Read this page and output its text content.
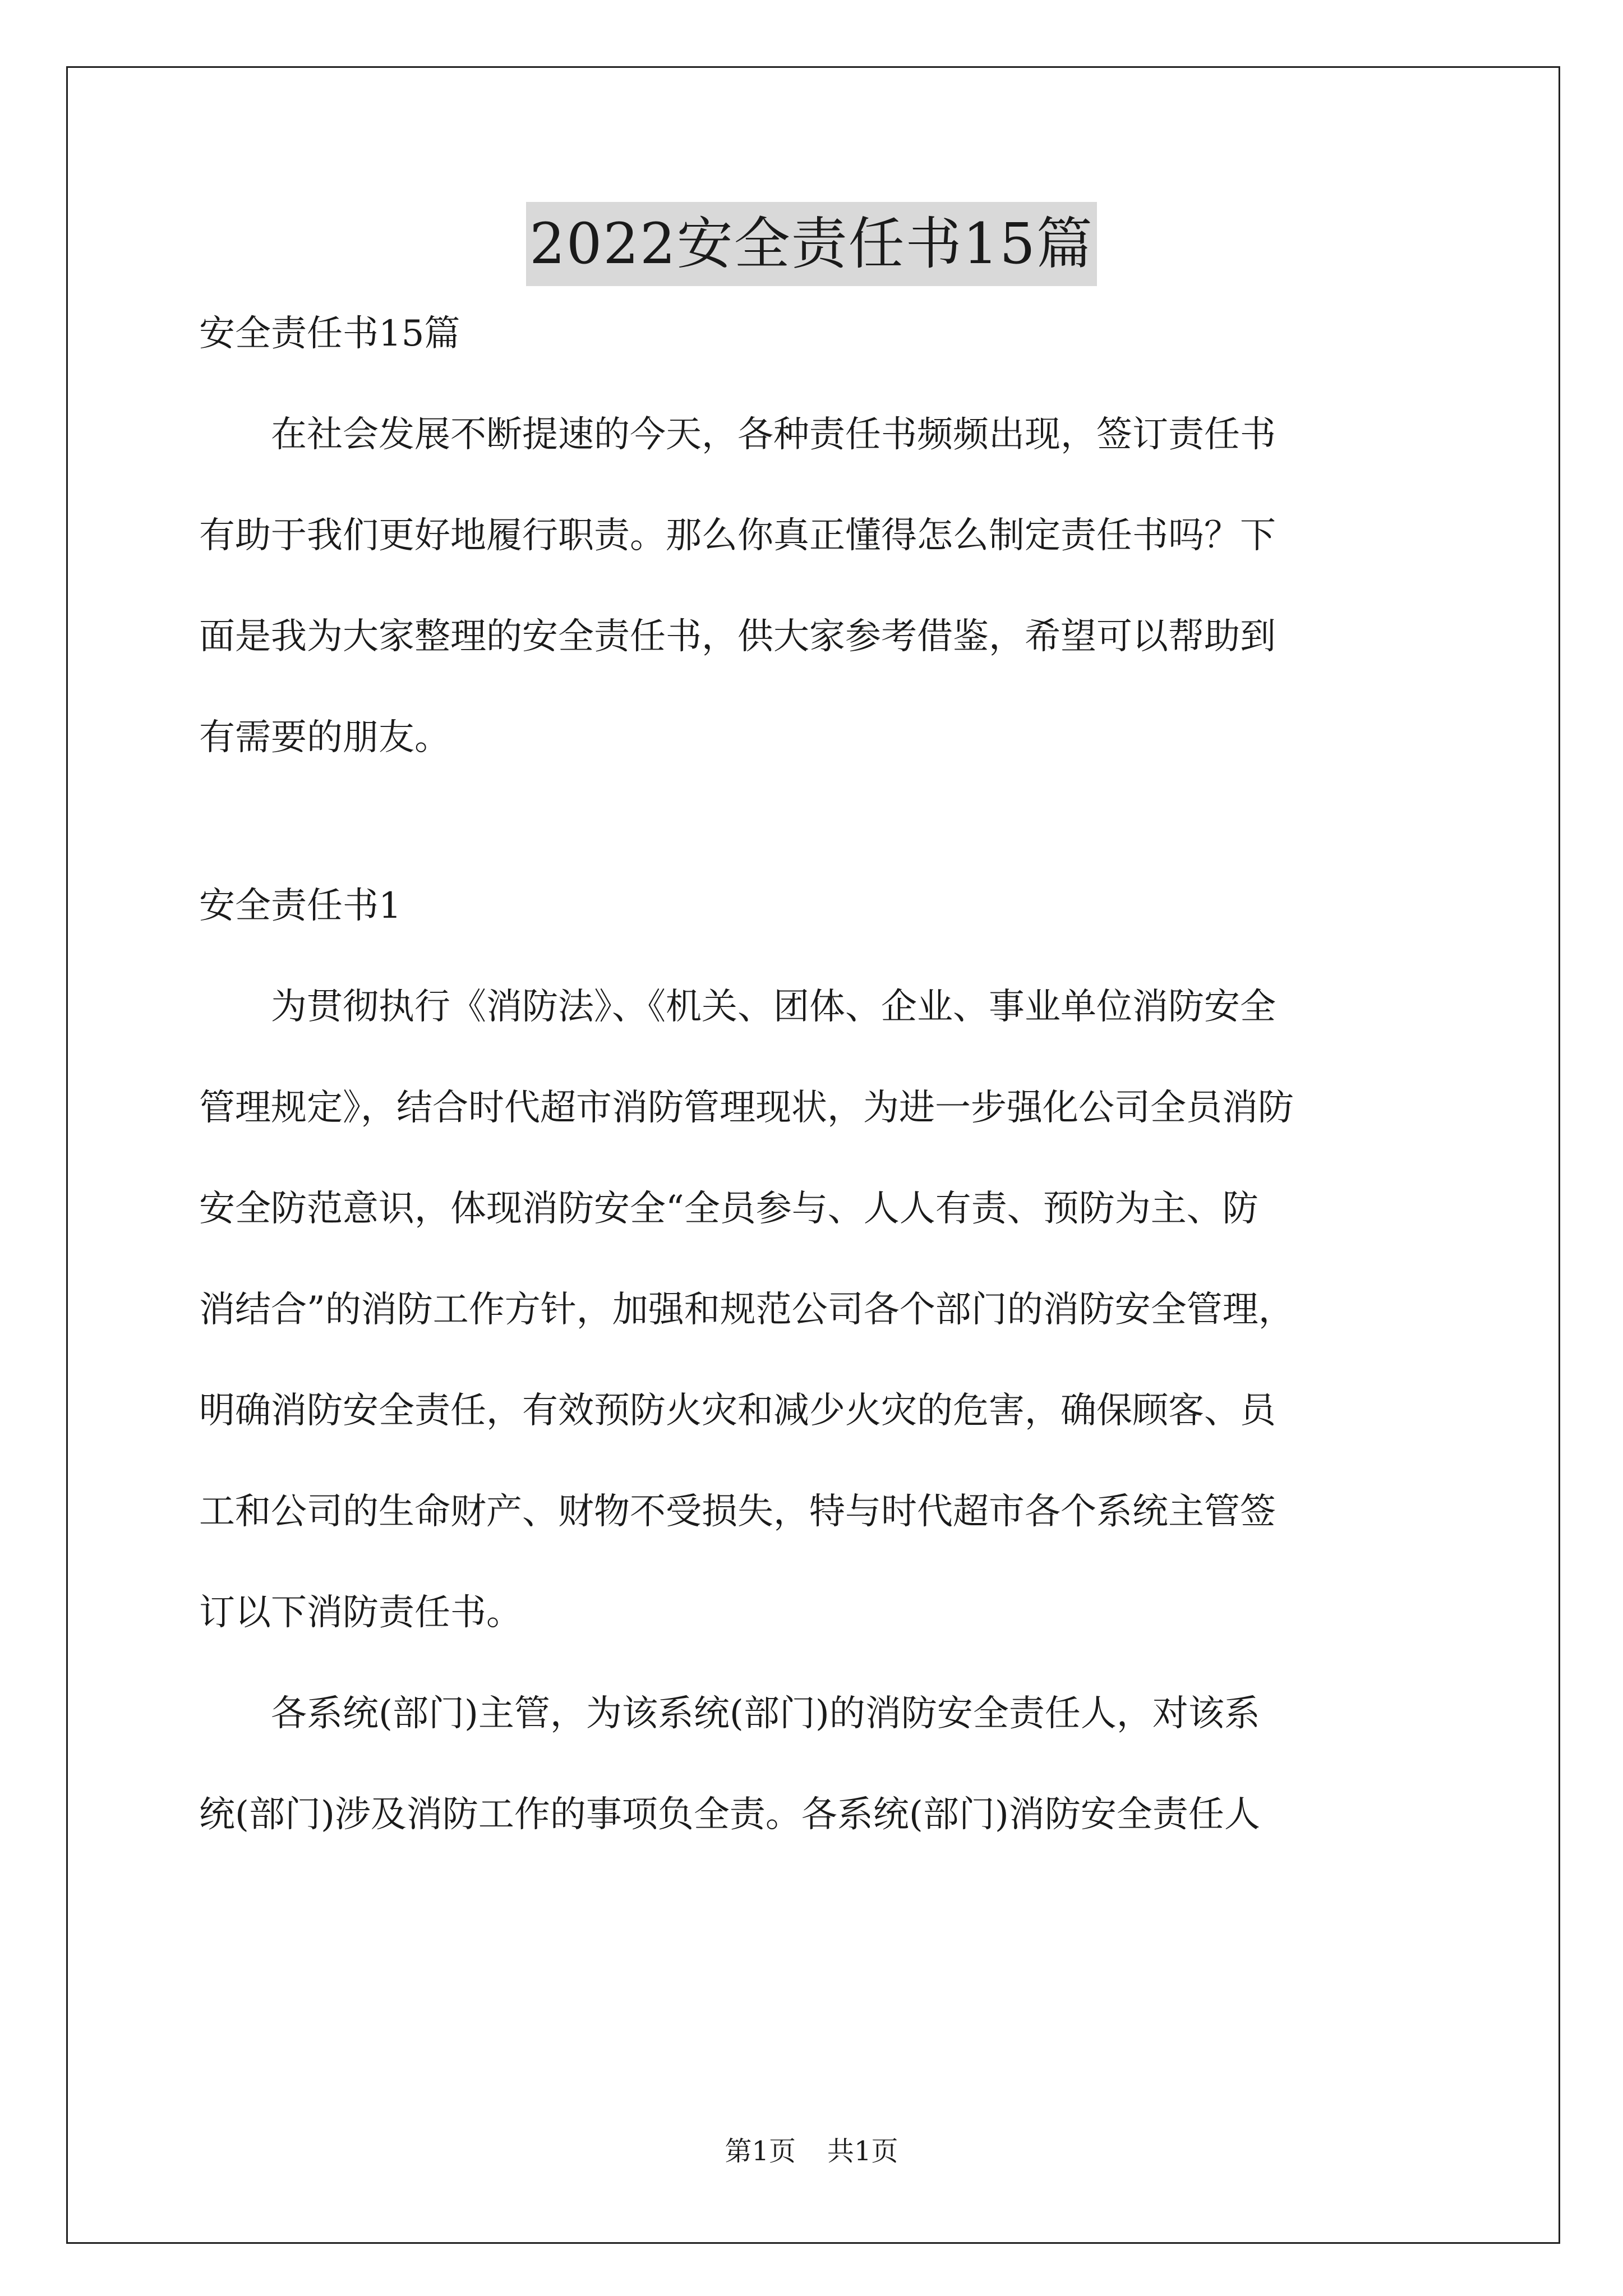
2022安全责任书15篇
安全责任书15篇
　　在社会发展不断提速的今天，各种责任书频频出现，签订责任书
有助于我们更好地履行职责。那么你真正懂得怎么制定责任书吗？下
面是我为大家整理的安全责任书，供大家参考借鉴，希望可以帮助到
有需要的朋友。
安全责任书1
　　为贯彻执行《消防法》、《机关、团体、企业、事业单位消防安全
管理规定》，结合时代超市消防管理现状，为进一步强化公司全员消防
安全防范意识，体现消防安全“全员参与、人人有责、预防为主、防
消结合”的消防工作方针，加强和规范公司各个部门的消防安全管理，
明确消防安全责任，有效预防火灾和减少火灾的危害，确保顾客、员
工和公司的生命财产、财物不受损失，特与时代超市各个系统主管签
订以下消防责任书。
　　各系统(部门)主管，为该系统(部门)的消防安全责任人，对该系
统(部门)涉及消防工作的事项负全责。各系统(部门)消防安全责任人
第1页 共1页
